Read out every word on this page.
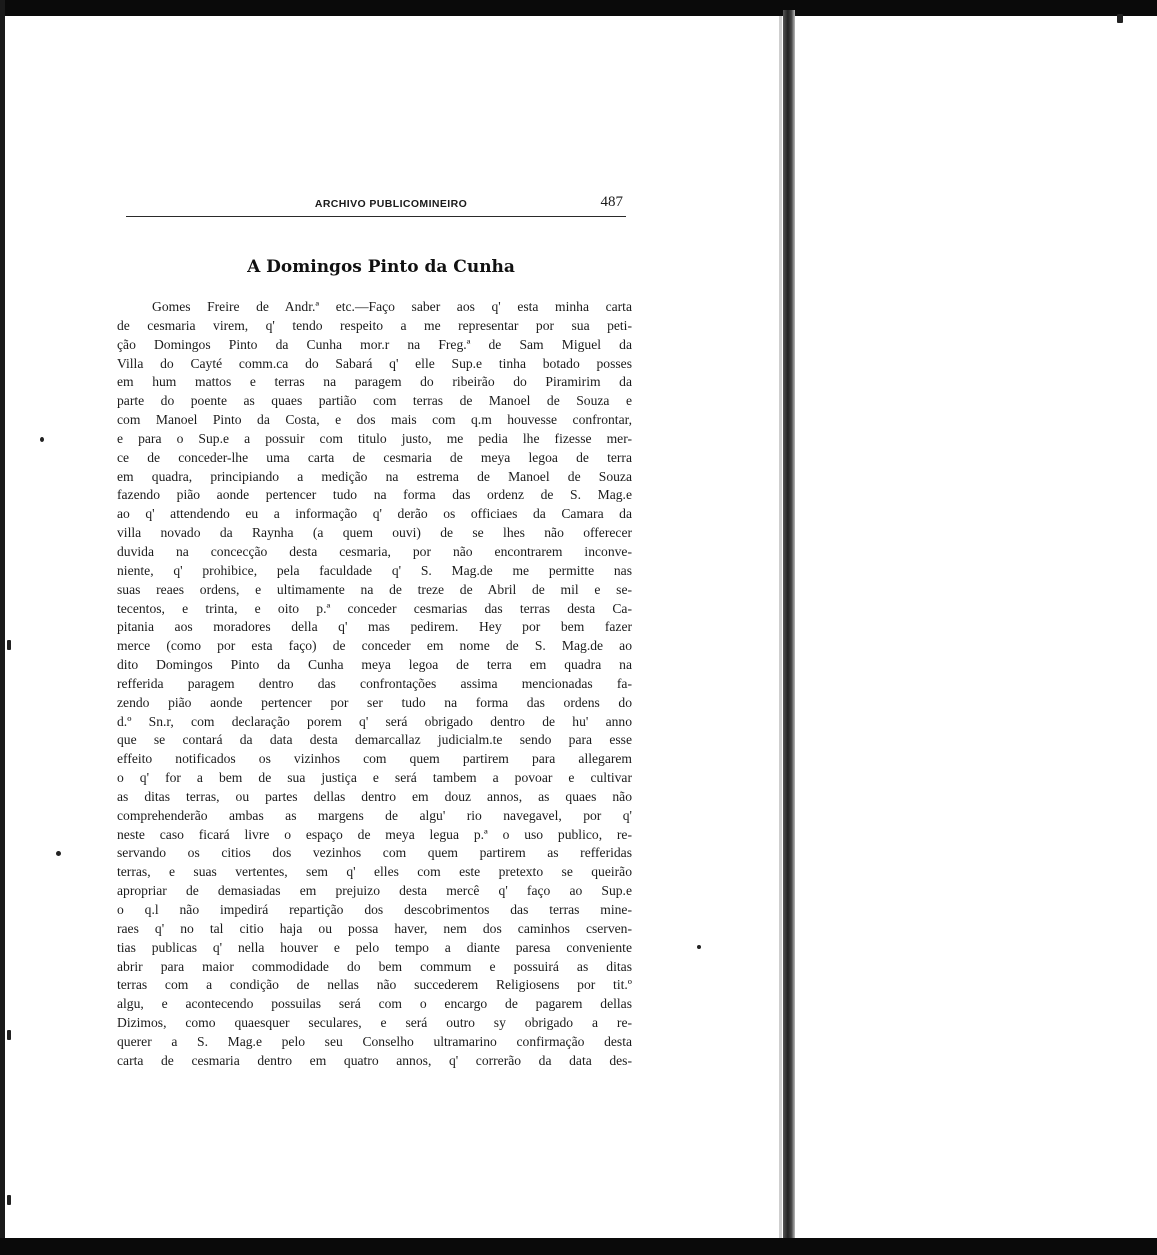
ARCHIVO PUBLICOMINEIRO	487
A Domingos Pinto da Cunha
Gomes Freire de Andr.ª etc.—Faço saber aos q' esta minha carta
de cesmaria virem, q' tendo respeito a me representar por sua peti-
ção Domingos Pinto da Cunha mor.r na Freg.ª de Sam Miguel da
Villa do Cayté comm.ca do Sabará q' elle Sup.e tinha botado posses
em hum mattos e terras na paragem do ribeirão do Piramirim da
parte do poente as quaes partião com terras de Manoel de Souza e
com Manoel Pinto da Costa, e dos mais com q.m houvesse confrontar,
e para o Sup.e a possuir com titulo justo, me pedia lhe fizesse mer-
ce de conceder-lhe uma carta de cesmaria de meya legoa de terra
em quadra, principiando a medição na estrema de Manoel de Souza
fazendo pião aonde pertencer tudo na forma das ordenz de S. Mag.e
ao q' attendendo eu a informação q' derão os officiaes da Camara da
villa novado da Raynha (a quem ouvi) de se lhes não offerecer
duvida na concecção desta cesmaria, por não encontrarem inconve-
niente, q' prohibice, pela faculdade q' S. Mag.de me permitte nas
suas reaes ordens, e ultimamente na de treze de Abril de mil e se-
tecentos, e trinta, e oito p.ª conceder cesmarias das terras desta Ca-
pitania aos moradores della q' mas pedirem. Hey por bem fazer
merce (como por esta faço) de conceder em nome de S. Mag.de ao
dito Domingos Pinto da Cunha meya legoa de terra em quadra na
refferida paragem dentro das confrontações assima mencionadas fa-
zendo pião aonde pertencer por ser tudo na forma das ordens do
d.º Sn.r, com declaração porem q' será obrigado dentro de hu' anno
que se contará da data desta demarcallaz judicialm.te sendo para esse
effeito notificados os vizinhos com quem partirem para allegarem
o q' for a bem de sua justiça e será tambem a povoar e cultivar
as ditas terras, ou partes dellas dentro em douz annos, as quaes não
comprehenderão ambas as margens de algu' rio navegavel, por q'
neste caso ficará livre o espaço de meya legua p.ª o uso publico, re-
servando os citios dos vezinhos com quem partirem as refferidas
terras, e suas vertentes, sem q' elles com este pretexto se queirão
apropriar de demasiadas em prejuizo desta mercê q' faço ao Sup.e
o q.l não impedirá repartição dos descobrimentos das terras mine-
raes q' no tal citio haja ou possa haver, nem dos caminhos cserven-
tias publicas q' nella houver e pelo tempo a diante paresa conveniente
abrir para maior commodidade do bem commum e possuirá as ditas
terras com a condição de nellas não succederem Religiosens por tit.º
algu, e acontecendo possuilas será com o encargo de pagarem dellas
Dizimos, como quaesquer seculares, e será outro sy obrigado a re-
querer a S. Mag.e pelo seu Conselho ultramarino confirmação desta
carta de cesmaria dentro em quatro annos, q' correrão da data des-
